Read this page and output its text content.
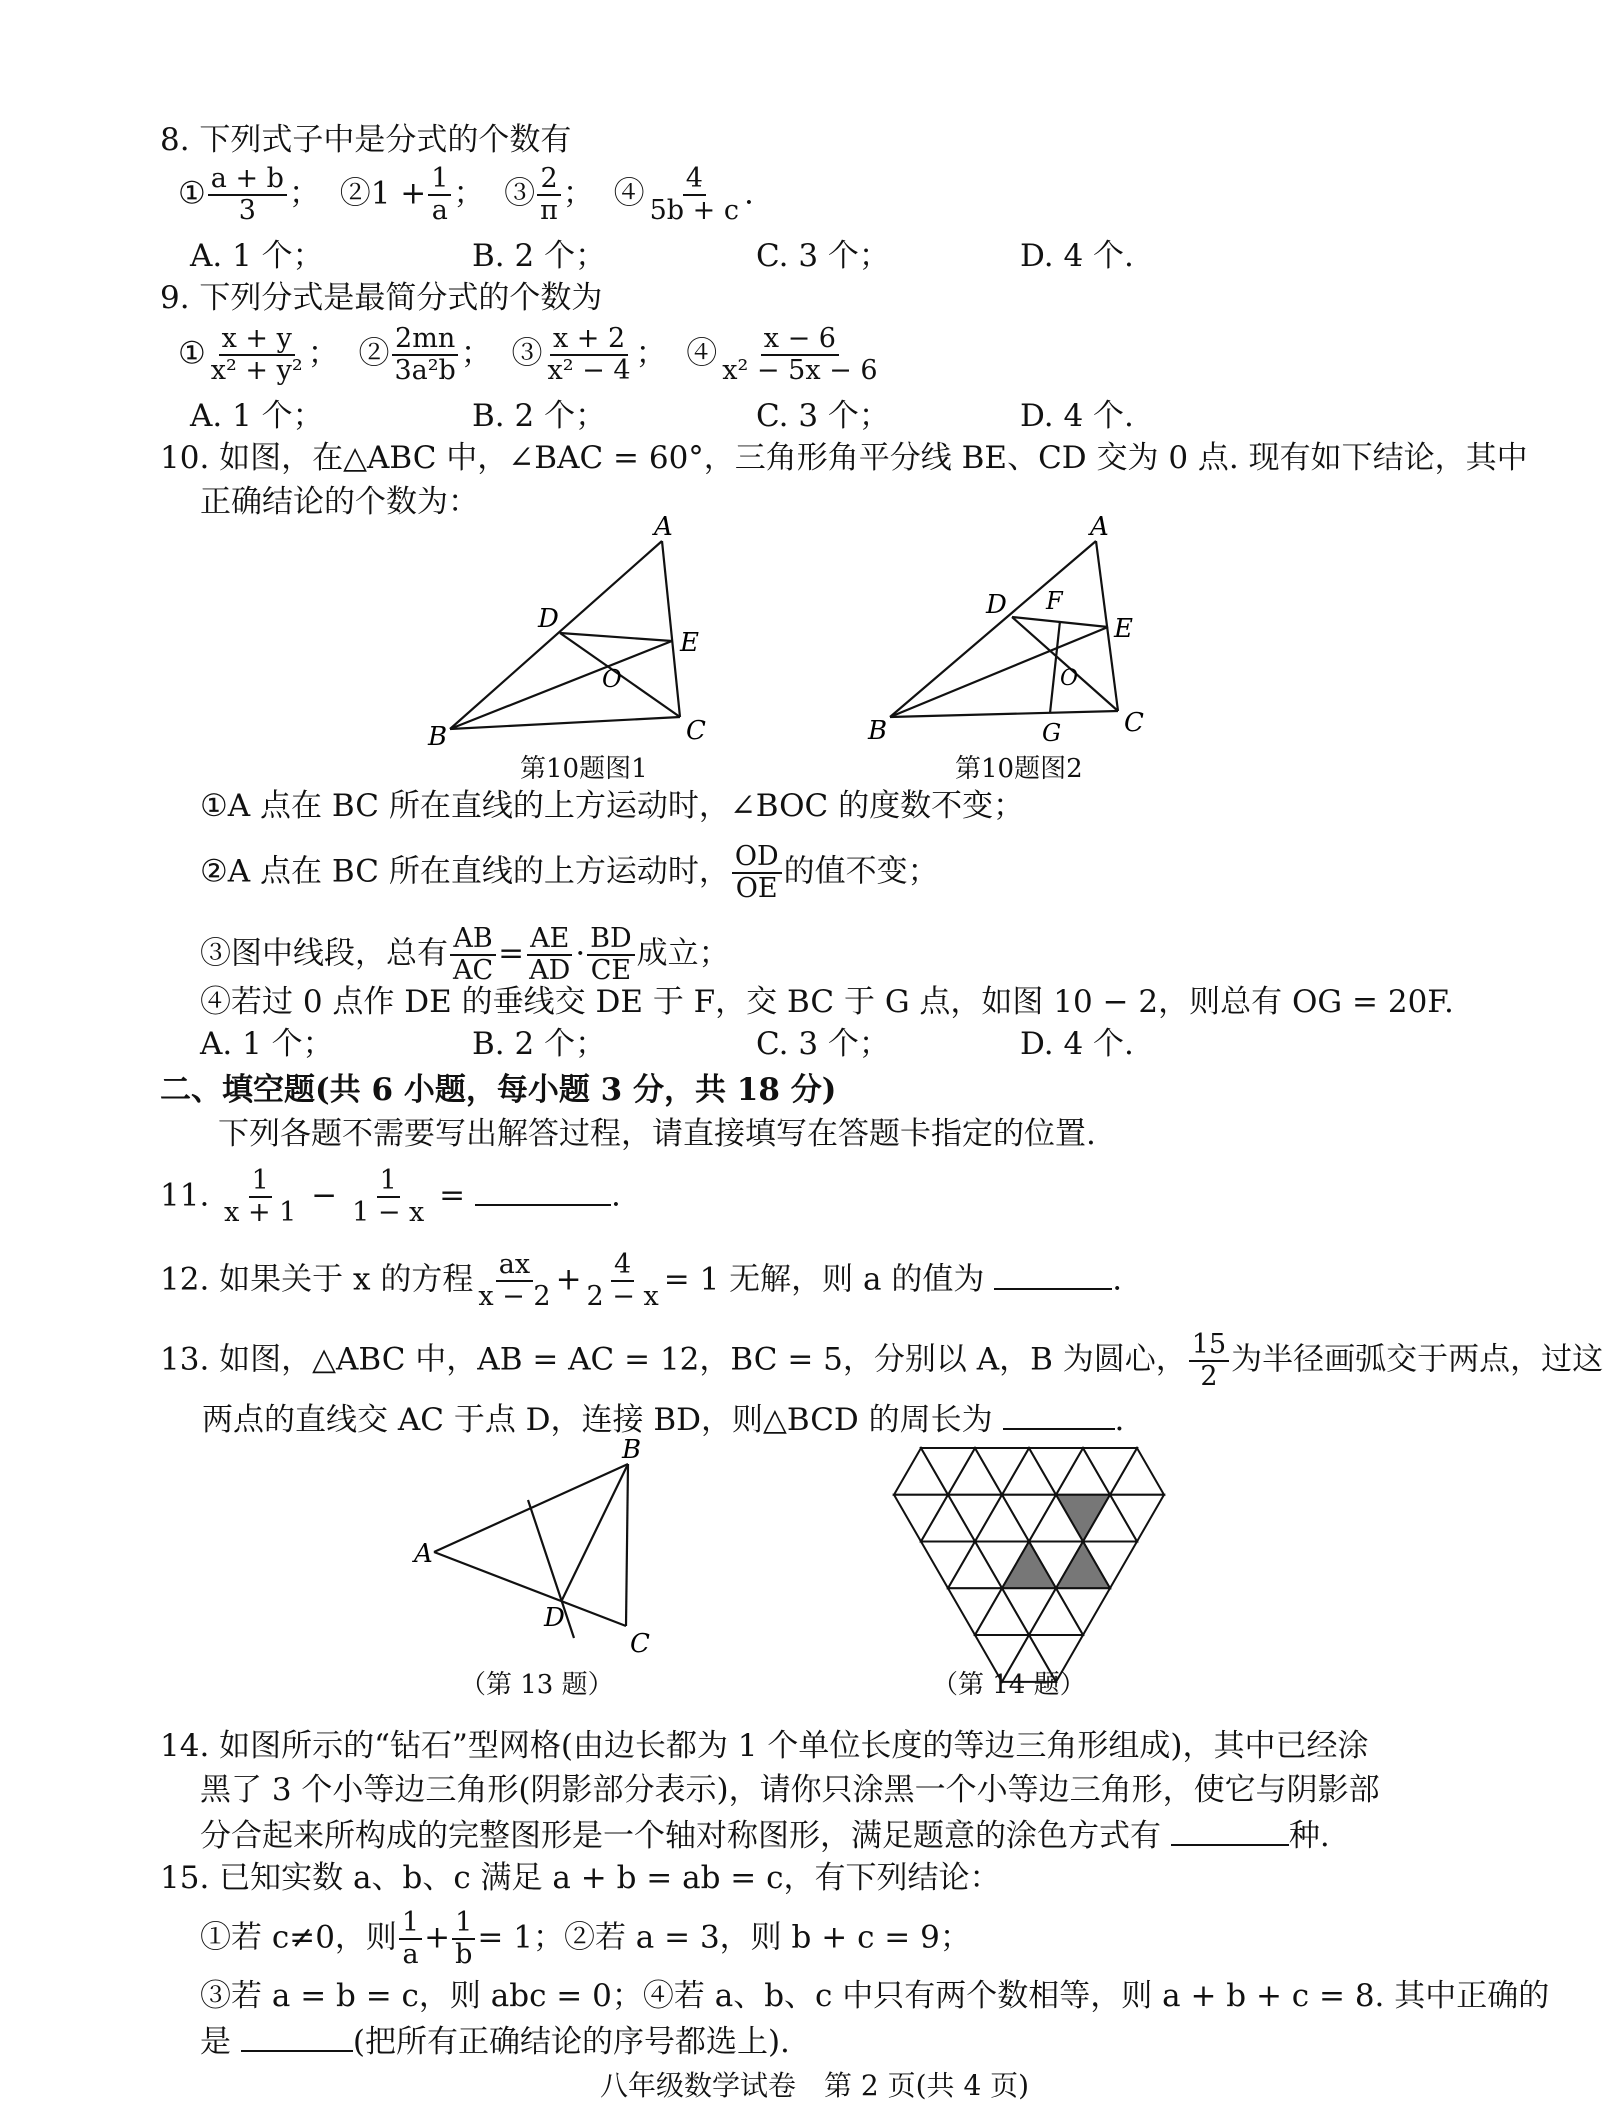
8. 下列式子中是分式的个数有
① $\frac{a + b}{3}$ ； ②1 + $\frac{1}{a}$ ； ③ $\frac{2}{\pi}$ ； ④ $\frac{4}{5b + c}$ .
A. 1 个；	B. 2 个；	C. 3 个；	D. 4 个.
9. 下列分式是最简分式的个数为
① $\frac{x + y}{\text{x² + y²}}$ ； ② $\frac{2mn}{\text{3a²b}}$ ； ③ $\frac{x + 2}{\text{x² − 4}}$ ； ④ $\frac{x - 6}{\text{x² − 5x − 6}}$
A. 1 个；	B. 2 个；	C. 3 个；	D. 4 个.
10. 如图，在△ABC 中，∠BAC = 60°，三角形角平分线 BE、CD 交为 0 点. 现有如下结论，其中
正确结论的个数为：
A
B	C
D
E
O
第10题图1
A
B	C
D
E
F
G
O
第10题图2
①A 点在 BC 所在直线的上方运动时，∠BOC 的度数不变；
②A 点在 BC 所在直线的上方运动时， $\frac{OD}{OE}$ 的值不变；
③图中线段，总有 $\frac{AB}{AC} = \frac{AE}{AD} \cdot \frac{BD}{CE}$ 成立；
④若过 0 点作 DE 的垂线交 DE 于 F，交 BC 于 G 点，如图 10 − 2，则总有 OG = 20F.
A. 1 个；	B. 2 个；	C. 3 个；	D. 4 个.
二、填空题(共 6 小题，每小题 3 分，共 18 分)
下列各题不需要写出解答过程，请直接填写在答题卡指定的位置.
11. $\frac{1}{x + 1} - \frac{1}{1 - x}$ =	.
12. 如果关于 x 的方程 $\frac{ax}{x - 2} + \frac{4}{2 - x} = 1$ 无解，则 a 的值为	.
13. 如图，△ABC 中，AB = AC = 12，BC = 5，分别以 A，B 为圆心， $\frac{15}{2}$ 为半径画弧交于两点，过这
两点的直线交 AC 于点 D，连接 BD，则△BCD 的周长为	.
B
A
C
D
（第 13 题）	（第 14 题）
14. 如图所示的“钻石”型网格(由边长都为 1 个单位长度的等边三角形组成)，其中已经涂
黑了 3 个小等边三角形(阴影部分表示)，请你只涂黑一个小等边三角形，使它与阴影部
分合起来所构成的完整图形是一个轴对称图形，满足题意的涂色方式有	种.
15. 已知实数 a、b、c 满足 a + b = ab = c，有下列结论：
①若 c≠0，则 $\frac{1}{a} + \frac{1}{b} = 1$；②若 a = 3，则 b + c = 9；
③若 a = b = c，则 abc = 0；④若 a、b、c 中只有两个数相等，则 a + b + c = 8. 其中正确的
是	(把所有正确结论的序号都选上).
八年级数学试卷　第 2 页(共 4 页)
